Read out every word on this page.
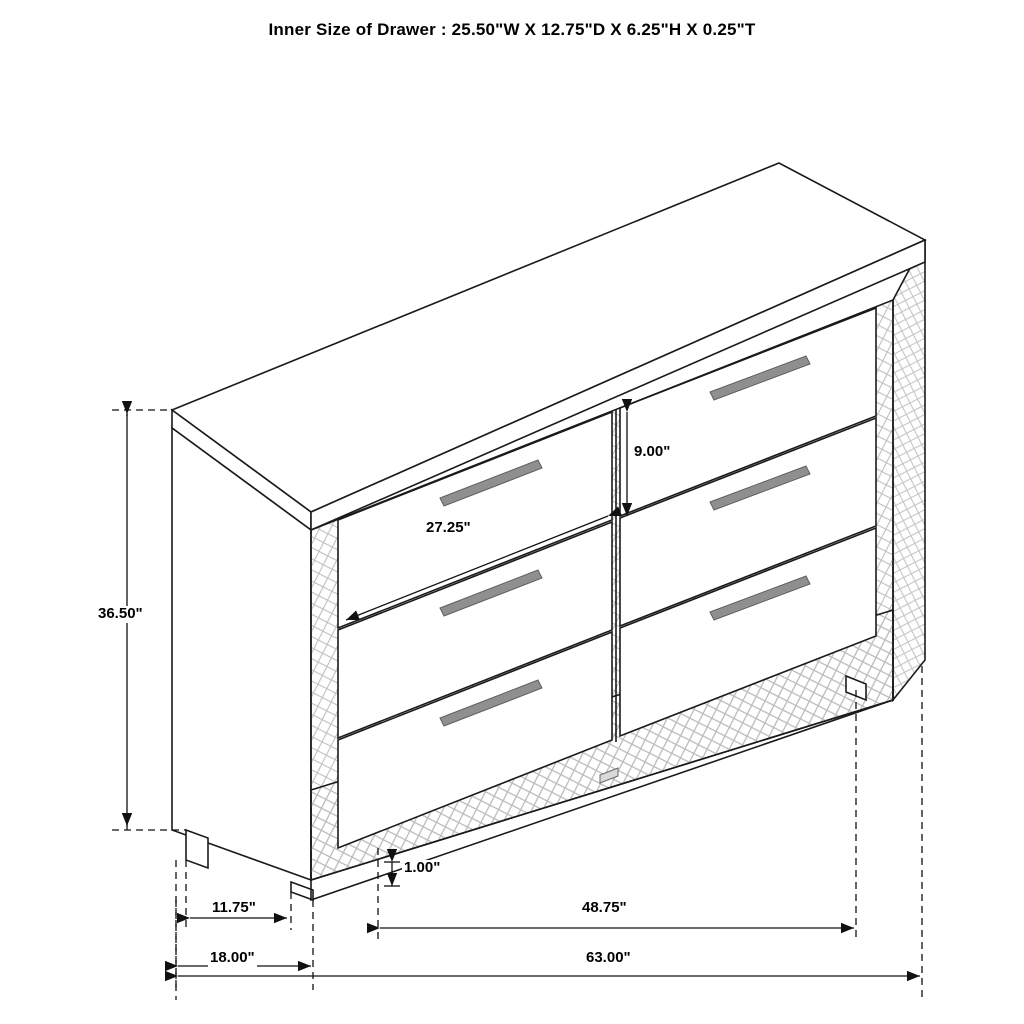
Inner Size of Drawer : 25.50"W X 12.75"D X 6.25"H X 0.25"T
36.50"
9.00"
27.25"
1.00"
11.75"
18.00"
48.75"
63.00"
